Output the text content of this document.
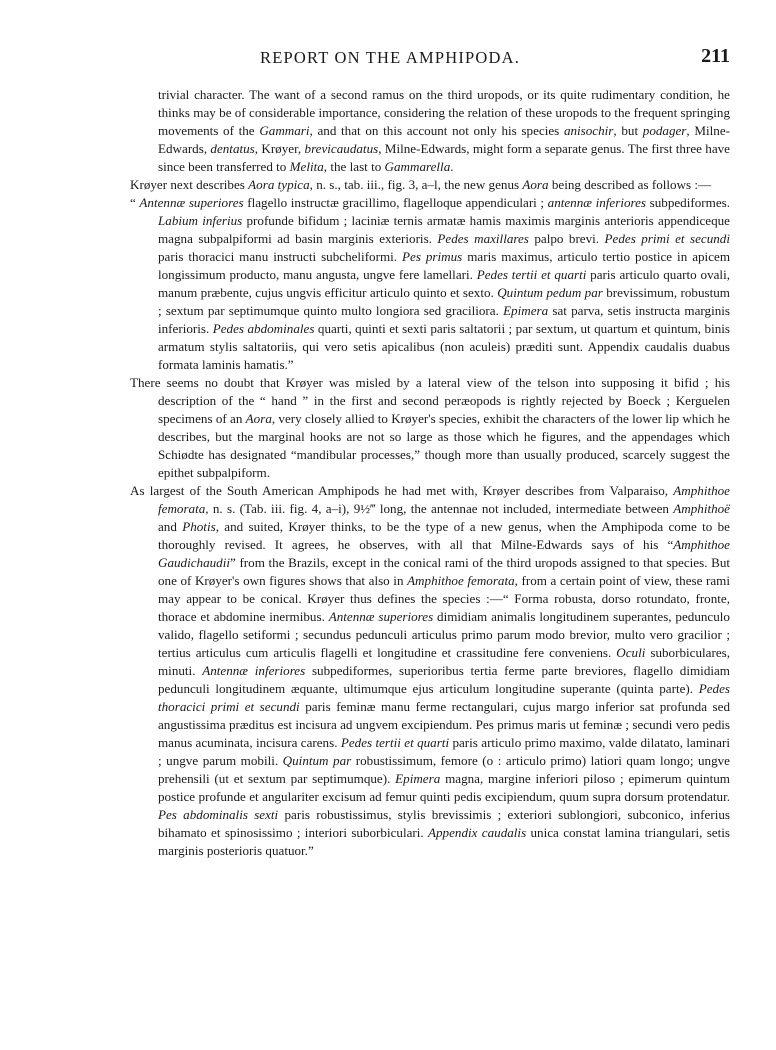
REPORT ON THE AMPHIPODA.	211

trivial character. The want of a second ramus on the third uropods, or its quite rudimentary condition, he thinks may be of considerable importance, considering the relation of these uropods to the frequent springing movements of the Gammari, and that on this account not only his species anisochir, but podager, Milne-Edwards, dentatus, Krøyer, brevicaudatus, Milne-Edwards, might form a separate genus. The first three have since been transferred to Melita, the last to Gammarella.

Krøyer next describes Aora typica, n. s., tab. iii., fig. 3, a–l, the new genus Aora being described as follows :—

“ Antennæ superiores flagello instructæ gracillimo, flagelloque appendiculari ; antennæ inferiores subpediformes. Labium inferius profunde bifidum ; laciniæ ternis armatæ hamis maximis marginis anterioris appendiceque magna subpalpiformi ad basin marginis exterioris. Pedes maxillares palpo brevi. Pedes primi et secundi paris thoracici manu instructi subcheliformi. Pes primus maris maximus, articulo tertio postice in apicem longissimum producto, manu angusta, ungve fere lamellari. Pedes tertii et quarti paris articulo quarto ovali, manum præbente, cujus ungvis efficitur articulo quinto et sexto. Quintum pedum par brevissimum, robustum ; sextum par septimumque quinto multo longiora sed graciliora. Epimera sat parva, setis instructa marginis inferioris. Pedes abdominales quarti, quinti et sexti paris saltatorii ; par sextum, ut quartum et quintum, binis armatum stylis saltatoriis, qui vero setis apicalibus (non aculeis) præditi sunt. Appendix caudalis duabus formata laminis hamatis.”

There seems no doubt that Krøyer was misled by a lateral view of the telson into supposing it bifid ; his description of the “ hand ” in the first and second peræopods is rightly rejected by Boeck ; Kerguelen specimens of an Aora, very closely allied to Krøyer's species, exhibit the characters of the lower lip which he describes, but the marginal hooks are not so large as those which he figures, and the appendages which Schiødte has designated “mandibular processes,” though more than usually produced, scarcely suggest the epithet subpalpiform.

As largest of the South American Amphipods he had met with, Krøyer describes from Valparaiso, Amphithoe femorata, n. s. (Tab. iii. fig. 4, a–i), 9½‴ long, the antennae not included, intermediate between Amphithoë and Photis, and suited, Krøyer thinks, to be the type of a new genus, when the Amphipoda come to be thoroughly revised. It agrees, he observes, with all that Milne-Edwards says of his “Amphithoe Gaudichaudii” from the Brazils, except in the conical rami of the third uropods assigned to that species. But one of Krøyer's own figures shows that also in Amphithoe femorata, from a certain point of view, these rami may appear to be conical. Krøyer thus defines the species :—“ Forma robusta, dorso rotundato, fronte, thorace et abdomine inermibus. Antennæ superiores dimidiam animalis longitudinem superantes, pedunculo valido, flagello setiformi ; secundus pedunculi articulus primo parum modo brevior, multo vero gracilior ; tertius articulus cum articulis flagelli et longitudine et crassitudine fere conveniens. Oculi suborbiculares, minuti. Antennæ inferiores subpediformes, superioribus tertia ferme parte breviores, flagello dimidiam pedunculi longitudinem æquante, ultimumque ejus articulum longitudine superante (quinta parte). Pedes thoracici primi et secundi paris feminæ manu ferme rectangulari, cujus margo inferior sat profunda sed angustissima præditus est incisura ad ungvem excipiendum. Pes primus maris ut feminæ ; secundi vero pedis manus acuminata, incisura carens. Pedes tertii et quarti paris articulo primo maximo, valde dilatato, laminari ; ungve parum mobili. Quintum par robustissimum, femore (o : articulo primo) latiori quam longo; ungve prehensili (ut et sextum par septimumque). Epimera magna, margine inferiori piloso ; epimerum quintum postice profunde et angulariter excisum ad femur quinti pedis excipiendum, quum supra dorsum protendatur. Pes abdominalis sexti paris robustissimus, stylis brevissimis ; exteriori sublongiori, subconico, inferius bihamato et spinosissimo ; interiori suborbiculari. Appendix caudalis unica constat lamina triangulari, setis marginis posterioris quatuor.”
